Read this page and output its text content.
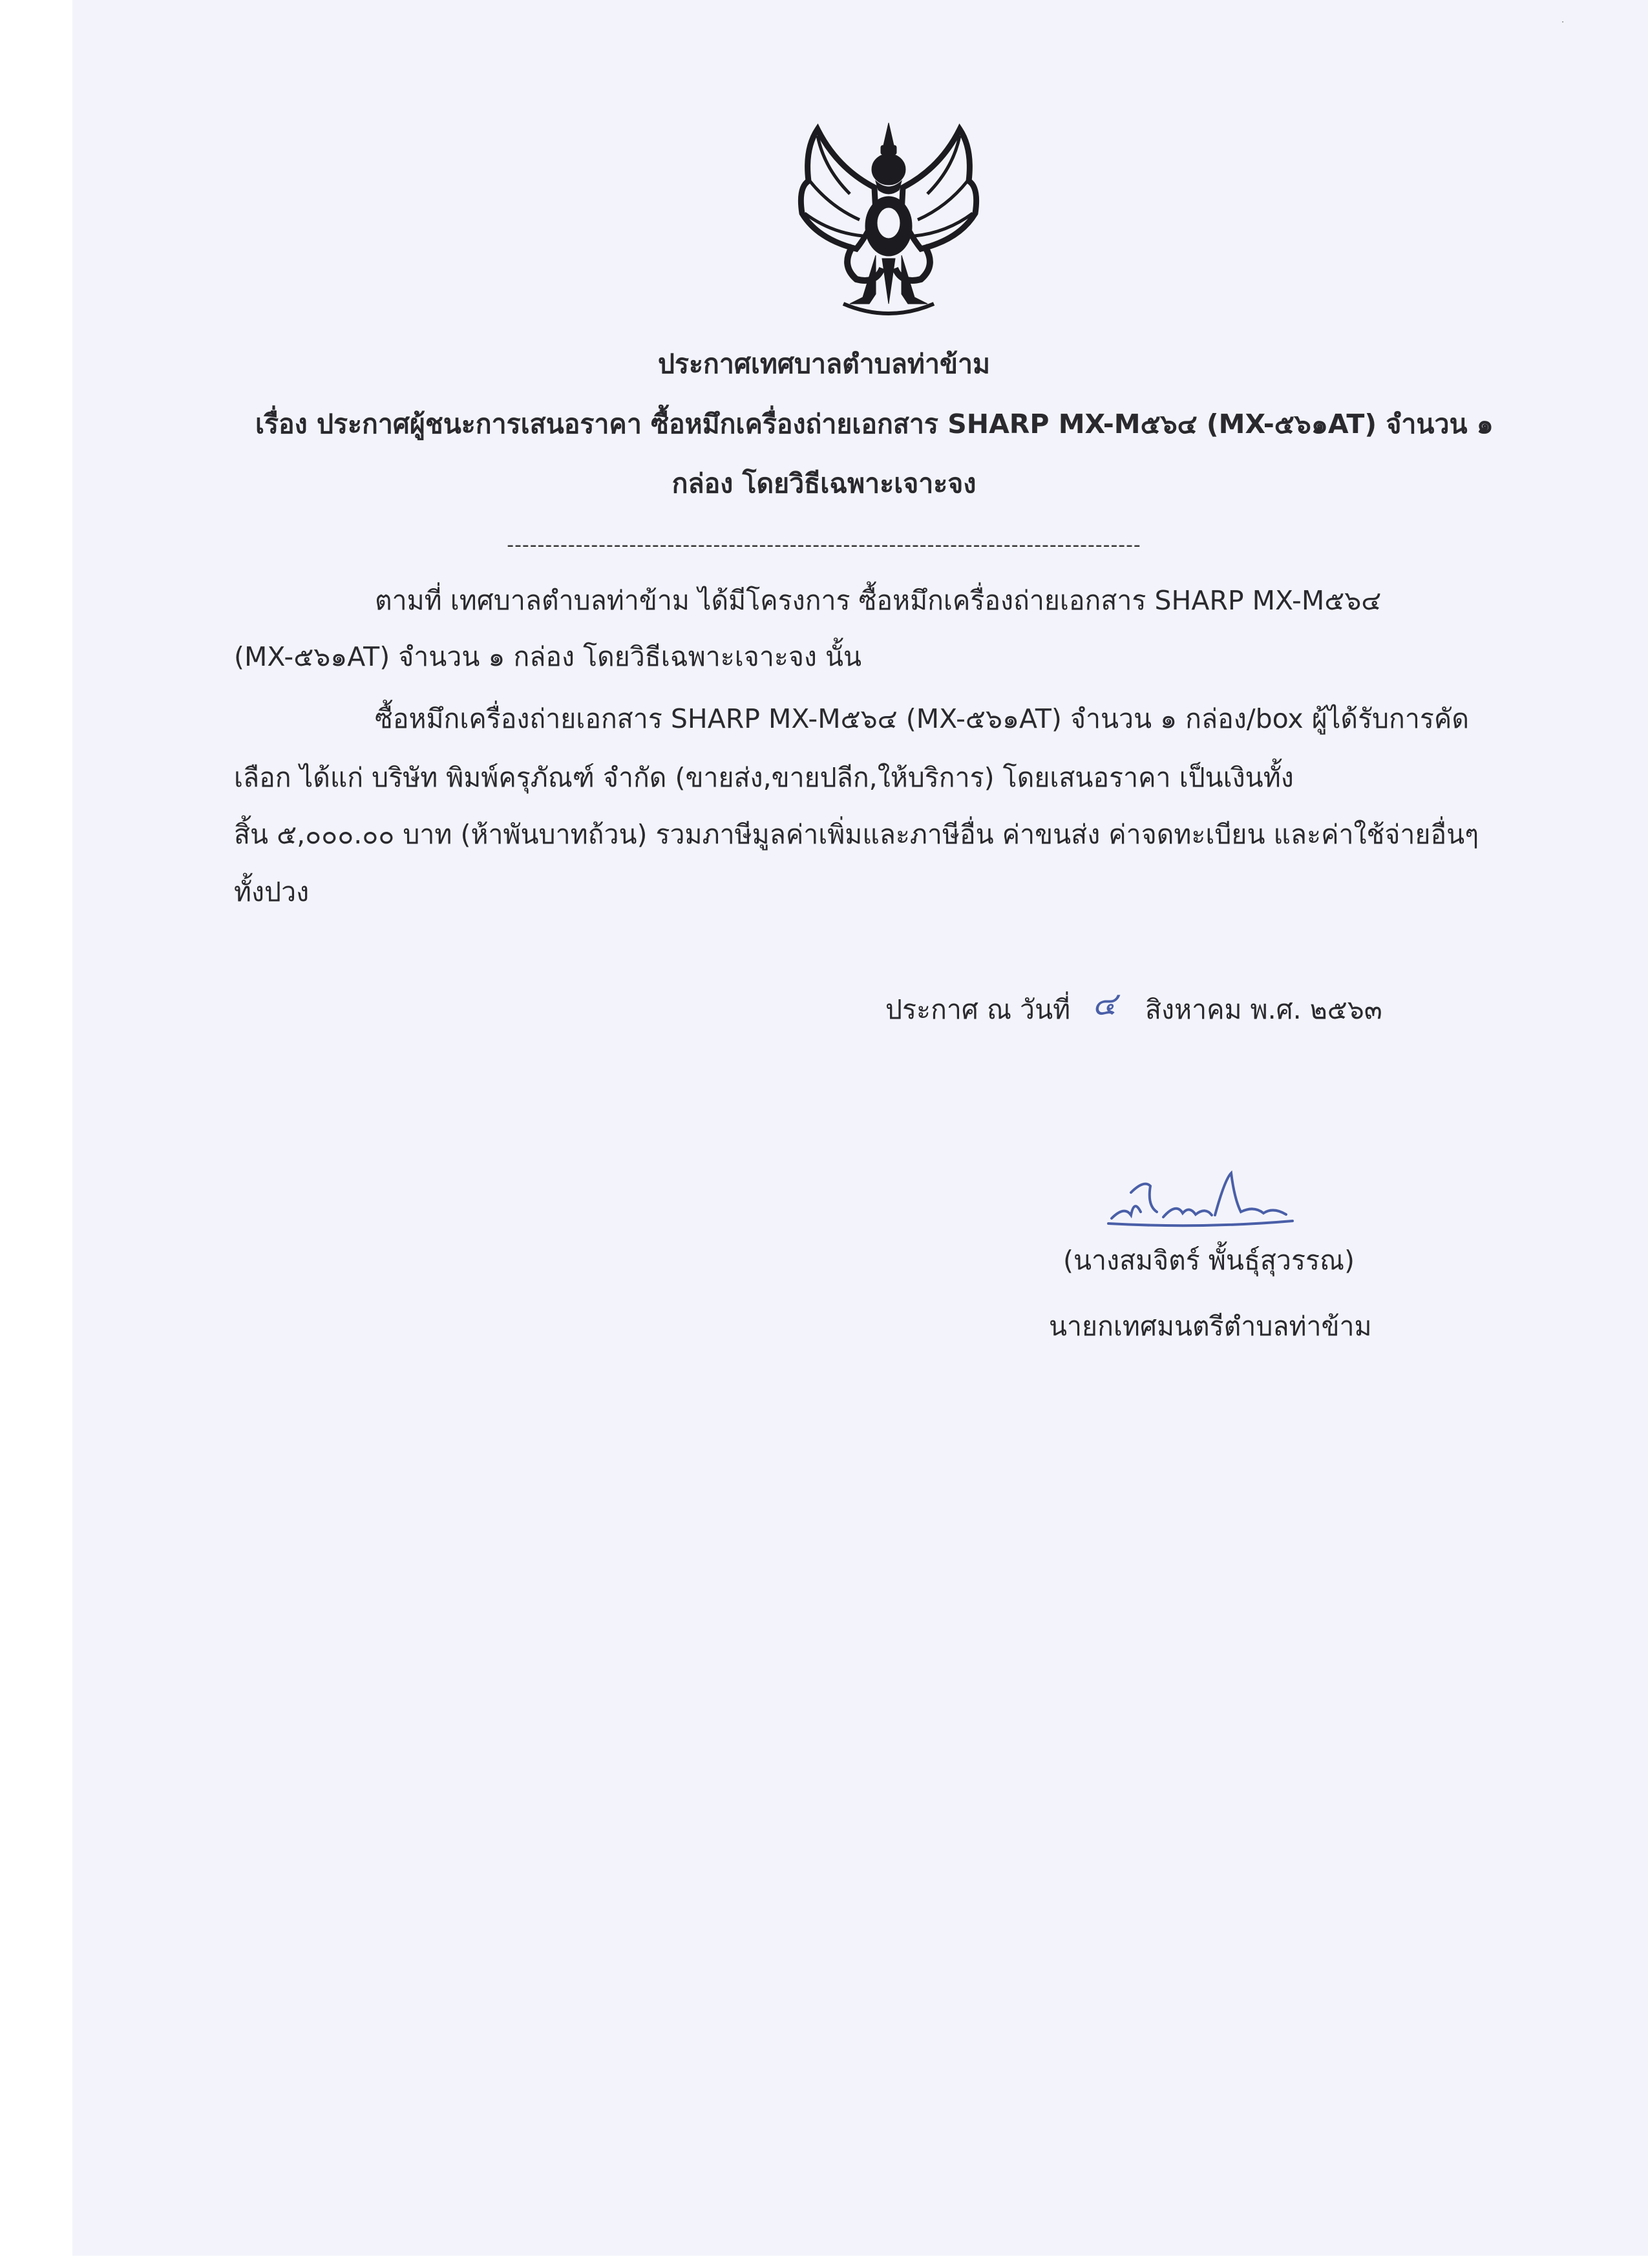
ประกาศเทศบาลตำบลท่าข้าม
เรื่อง ประกาศผู้ชนะการเสนอราคา ซื้อหมึกเครื่องถ่ายเอกสาร SHARP MX-M๕๖๔ (MX-๕๖๑AT) จำนวน ๑
กล่อง โดยวิธีเฉพาะเจาะจง
-----------------------------------------------------------------------------------
ตามที่ เทศบาลตำบลท่าข้าม ได้มีโครงการ ซื้อหมึกเครื่องถ่ายเอกสาร SHARP MX-M๕๖๔
(MX-๕๖๑AT) จำนวน ๑ กล่อง โดยวิธีเฉพาะเจาะจง นั้น
ซื้อหมึกเครื่องถ่ายเอกสาร SHARP MX-M๕๖๔ (MX-๕๖๑AT) จำนวน ๑ กล่อง/box ผู้ได้รับการคัด
เลือก ได้แก่ บริษัท พิมพ์ครุภัณฑ์ จำกัด (ขายส่ง,ขายปลีก,ให้บริการ) โดยเสนอราคา เป็นเงินทั้ง
สิ้น ๕,๐๐๐.๐๐ บาท (ห้าพันบาทถ้วน) รวมภาษีมูลค่าเพิ่มและภาษีอื่น ค่าขนส่ง ค่าจดทะเบียน และค่าใช้จ่ายอื่นๆ
ทั้งปวง
ประกาศ ณ วันที่ ๔ สิงหาคม พ.ศ. ๒๕๖๓
(นางสมจิตร์ พั้นธุ์สุวรรณ)
นายกเทศมนตรีตำบลท่าข้าม
